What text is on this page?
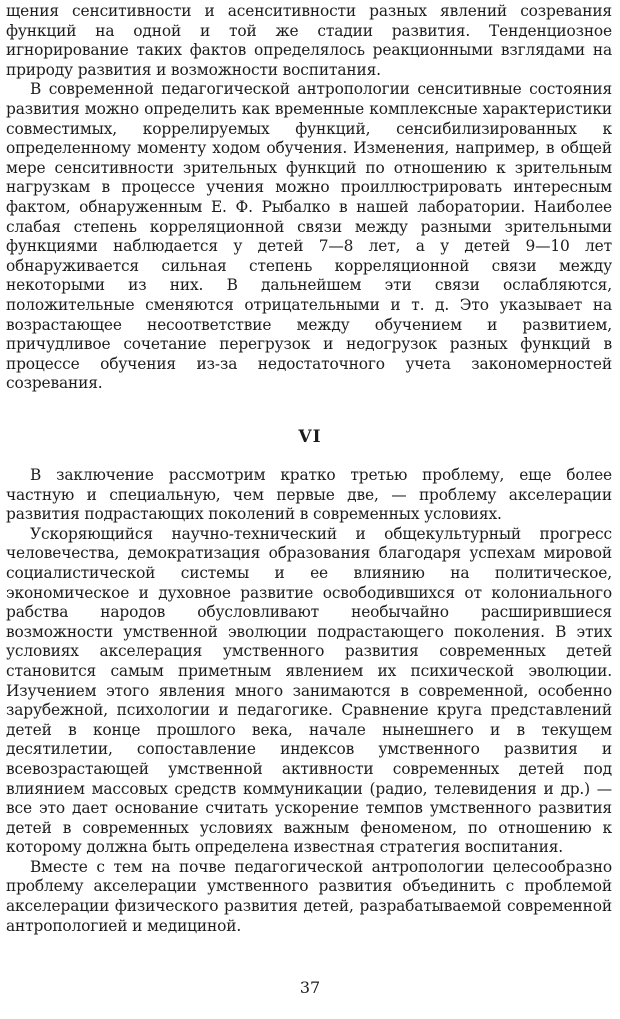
щения сенситивности и асенситивности разных явлений созревания функций на одной и той же стадии развития. Тенденциозное игнорирование таких фактов определялось реакционными взглядами на природу развития и возможности воспитания.

В современной педагогической антропологии сенситивные состояния развития можно определить как временные комплексные характеристики совместимых, коррелируемых функций, сенсибилизированных к определенному моменту ходом обучения. Изменения, например, в общей мере сенситивности зрительных функций по отношению к зрительным нагрузкам в процессе учения можно проиллюстрировать интересным фактом, обнаруженным Е. Ф. Рыбалко в нашей лаборатории. Наиболее слабая степень корреляционной связи между разными зрительными функциями наблюдается у детей 7—8 лет, а у детей 9—10 лет обнаруживается сильная степень корреляционной связи между некоторыми из них. В дальнейшем эти связи ослабляются, положительные сменяются отрицательными и т. д. Это указывает на возрастающее несоответствие между обучением и развитием, причудливое сочетание перегрузок и недогрузок разных функций в процессе обучения из-за недостаточного учета закономерностей созревания.

VI

В заключение рассмотрим кратко третью проблему, еще более частную и специальную, чем первые две, — проблему акселерации развития подрастающих поколений в современных условиях.

Ускоряющийся научно-технический и общекультурный прогресс человечества, демократизация образования благодаря успехам мировой социалистической системы и ее влиянию на политическое, экономическое и духовное развитие освободившихся от колониального рабства народов обусловливают необычайно расширившиеся возможности умственной эволюции подрастающего поколения. В этих условиях акселерация умственного развития современных детей становится самым приметным явлением их психической эволюции. Изучением этого явления много занимаются в современной, особенно зарубежной, психологии и педагогике. Сравнение круга представлений детей в конце прошлого века, начале нынешнего и в текущем десятилетии, сопоставление индексов умственного развития и всевозрастающей умственной активности современных детей под влиянием массовых средств коммуникации (радио, телевидения и др.) — все это дает основание считать ускорение темпов умственного развития детей в современных условиях важным феноменом, по отношению к которому должна быть определена известная стратегия воспитания.

Вместе с тем на почве педагогической антропологии целесообразно проблему акселерации умственного развития объединить с проблемой акселерации физического развития детей, разрабатываемой современной антропологией и медициной.

37
